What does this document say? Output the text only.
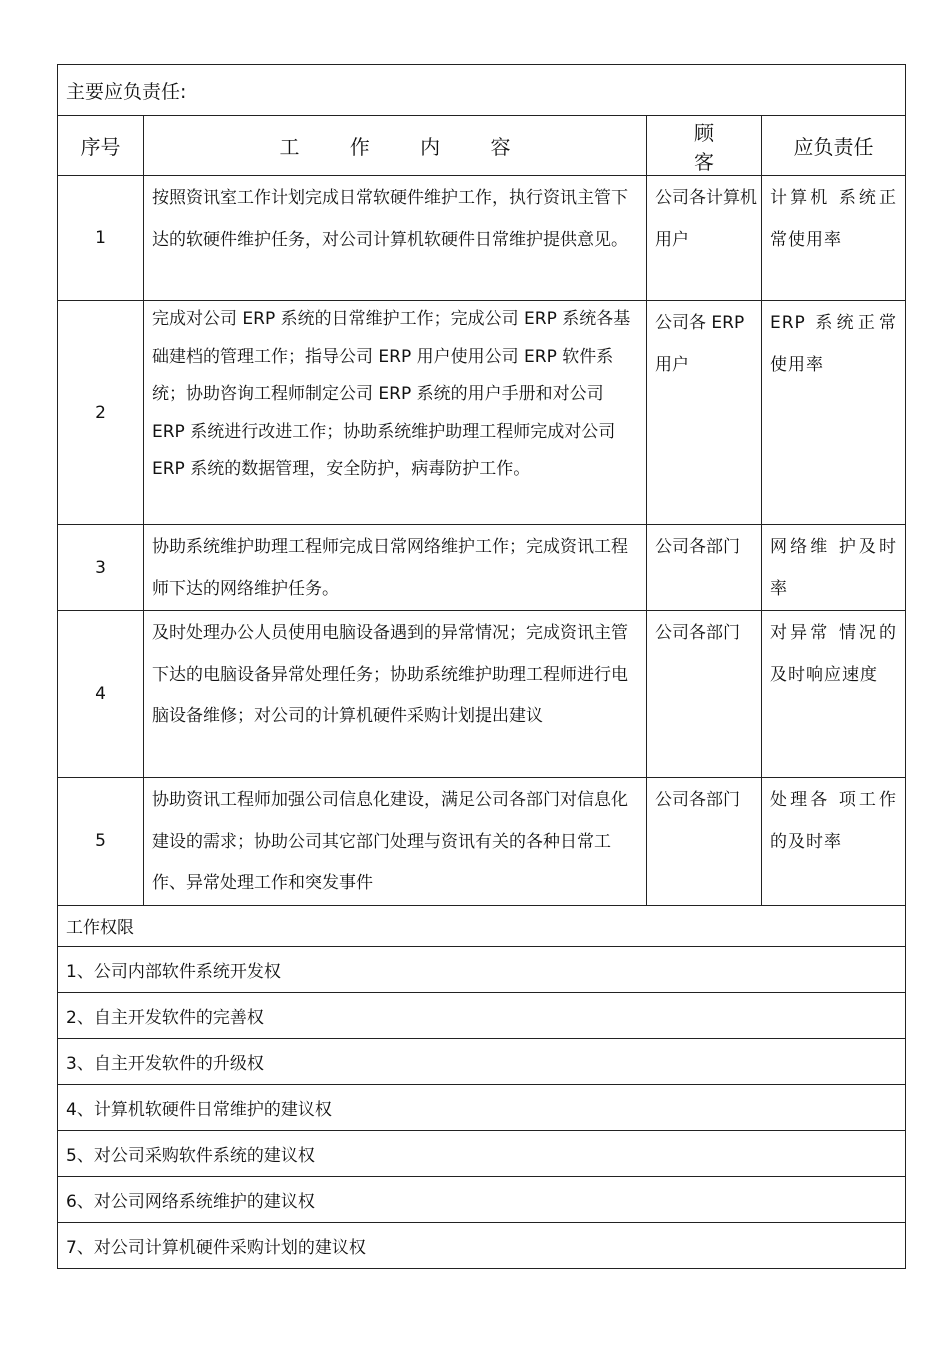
主要应负责任:			
序号	工 作 内 容	顾 客	应负责任
1	按照资讯室工作计划完成日常软硬件维护工作，执行资讯主管下达的软硬件维护任务，对公司计算机软硬件日常维护提供意见。	公司各计算机用户	计算机 系统正常使用率
2	完成对公司 ERP 系统的日常维护工作；完成公司 ERP 系统各基础建档的管理工作；指导公司 ERP 用户使用公司 ERP 软件系统；协助咨询工程师制定公司 ERP 系统的用户手册和对公司 ERP 系统进行改进工作；协助系统维护助理工程师完成对公司 ERP 系统的数据管理，安全防护，病毒防护工作。	公司各 ERP 用户	ERP 系统正常使用率
3	协助系统维护助理工程师完成日常网络维护工作；完成资讯工程师下达的网络维护任务。	公司各部门	网络维 护及时率
4	及时处理办公人员使用电脑设备遇到的异常情况；完成资讯主管下达的电脑设备异常处理任务；协助系统维护助理工程师进行电脑设备维修；对公司的计算机硬件采购计划提出建议	公司各部门	对异常 情况的及时响应速度
5	协助资讯工程师加强公司信息化建设，满足公司各部门对信息化建设的需求；协助公司其它部门处理与资讯有关的各种日常工作、异常处理工作和突发事件	公司各部门	处理各 项工作的及时率
工作权限			
1、公司内部软件系统开发权			
2、自主开发软件的完善权			
3、自主开发软件的升级权			
4、计算机软硬件日常维护的建议权			
5、对公司采购软件系统的建议权			
6、对公司网络系统维护的建议权			
7、对公司计算机硬件采购计划的建议权			
